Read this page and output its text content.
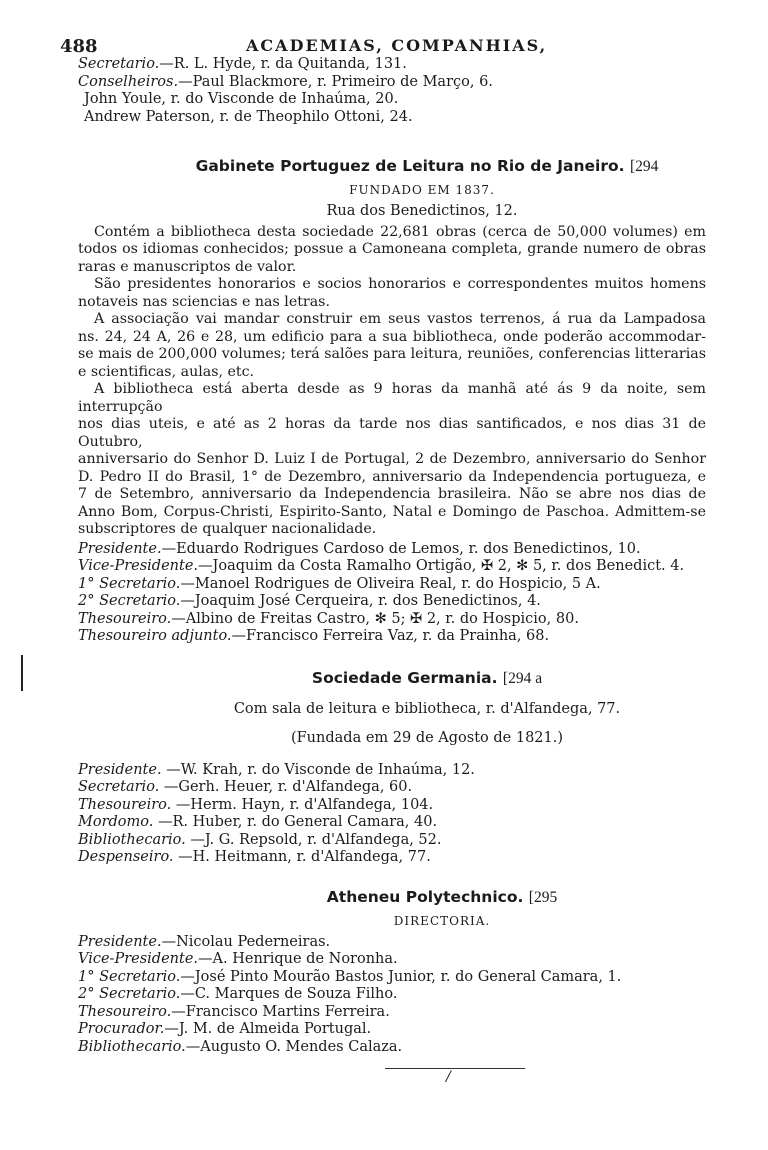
488	ACADEMIAS, COMPANHIAS,
Secretario.—R. L. Hyde, r. da Quitanda, 131.
Conselheiros.—Paul Blackmore, r. Primeiro de Março, 6.
John Youle, r. do Visconde de Inhaúma, 20.
Andrew Paterson, r. de Theophilo Ottoni, 24.
Gabinete Portuguez de Leitura no Rio de Janeiro. [294
FUNDADO EM 1837.
Rua dos Benedictinos, 12.
Contém a bibliotheca desta sociedade 22,681 obras (cerca de 50,000 volumes) em
todos os idiomas conhecidos; possue a Camoneana completa, grande numero de obras
raras e manuscriptos de valor.
São presidentes honorarios e socios honorarios e correspondentes muitos homens
notaveis nas sciencias e nas letras.
A associação vai mandar construir em seus vastos terrenos, á rua da Lampadosa
ns. 24, 24 A, 26 e 28, um edificio para a sua bibliotheca, onde poderão accommodar-
se mais de 200,000 volumes; terá salões para leitura, reuniões, conferencias litterarias
e scientificas, aulas, etc.
A bibliotheca está aberta desde as 9 horas da manhã até ás 9 da noite, sem interrupção
nos dias uteis, e até as 2 horas da tarde nos dias santificados, e nos dias 31 de Outubro,
anniversario do Senhor D. Luiz I de Portugal, 2 de Dezembro, anniversario do Senhor
D. Pedro II do Brasil, 1° de Dezembro, anniversario da Independencia portugueza, e
7 de Setembro, anniversario da Independencia brasileira. Não se abre nos dias de
Anno Bom, Corpus-Christi, Espirito-Santo, Natal e Domingo de Paschoa. Admittem-se
subscriptores de qualquer nacionalidade.
Presidente.—Eduardo Rodrigues Cardoso de Lemos, r. dos Benedictinos, 10.
Vice-Presidente.—Joaquim da Costa Ramalho Ortigão, ✠ 2, ✻ 5, r. dos Benedict. 4.
1° Secretario.—Manoel Rodrigues de Oliveira Real, r. do Hospicio, 5 A.
2° Secretario.—Joaquim José Cerqueira, r. dos Benedictinos, 4.
Thesoureiro.—Albino de Freitas Castro, ✻ 5; ✠ 2, r. do Hospicio, 80.
Thesoureiro adjunto.—Francisco Ferreira Vaz, r. da Prainha, 68.
Sociedade Germania. [294 a
Com sala de leitura e bibliotheca, r. d'Alfandega, 77.
(Fundada em 29 de Agosto de 1821.)
Presidente. —W. Krah, r. do Visconde de Inhaúma, 12.
Secretario. —Gerh. Heuer, r. d'Alfandega, 60.
Thesoureiro. —Herm. Hayn, r. d'Alfandega, 104.
Mordomo. —R. Huber, r. do General Camara, 40.
Bibliothecario. —J. G. Repsold, r. d'Alfandega, 52.
Despenseiro. —H. Heitmann, r. d'Alfandega, 77.
Atheneu Polytechnico. [295
DIRECTORIA.
Presidente.—Nicolau Pederneiras.
Vice-Presidente.—A. Henrique de Noronha.
1° Secretario.—José Pinto Mourão Bastos Junior, r. do General Camara, 1.
2° Secretario.—C. Marques de Souza Filho.
Thesoureiro.—Francisco Martins Ferreira.
Procurador.—J. M. de Almeida Portugal.
Bibliothecario.—Augusto O. Mendes Calaza.
/
